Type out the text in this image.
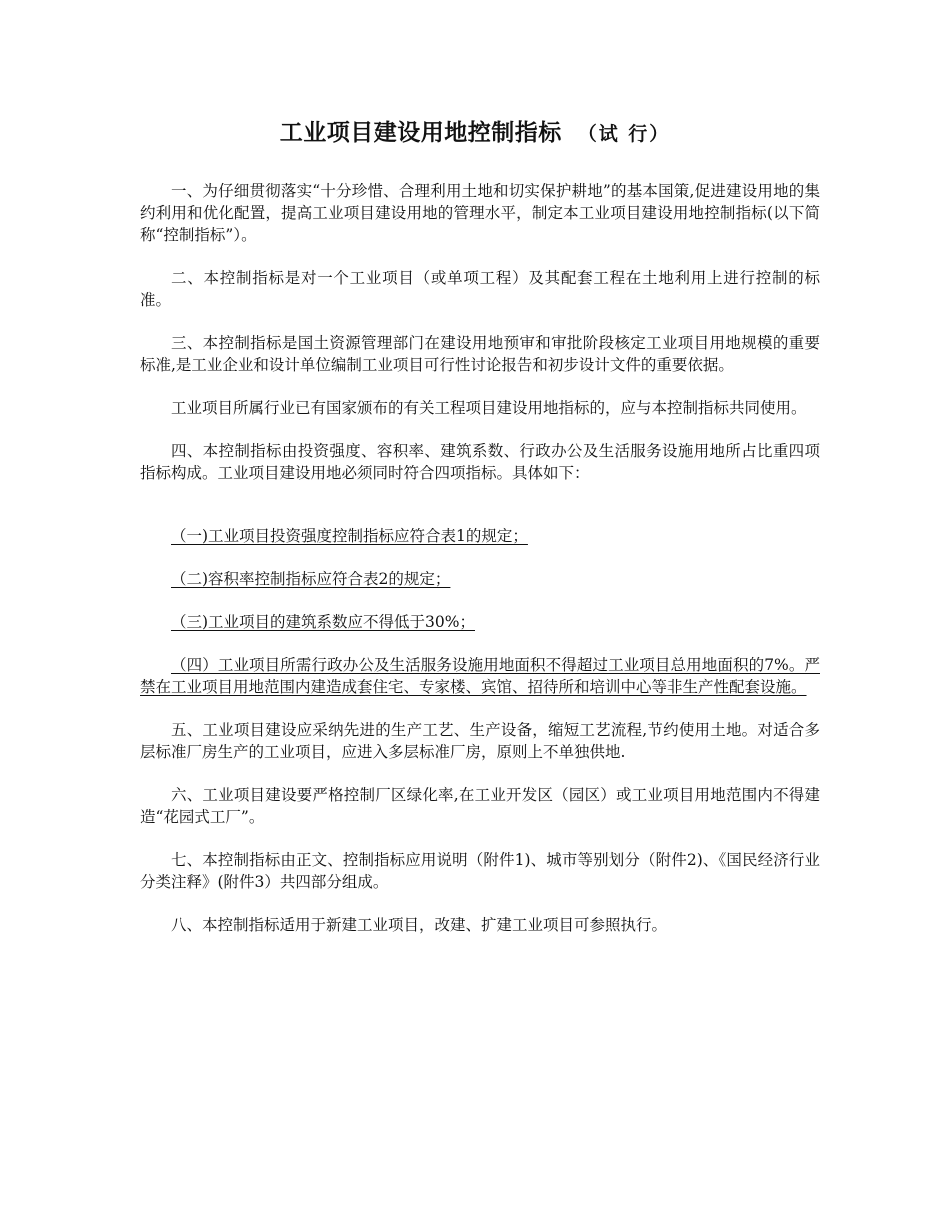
工业项目建设用地控制指标 （试 行）

一、为仔细贯彻落实“十分珍惜、合理利用土地和切实保护耕地”的基本国策,促进建设用地的集约利用和优化配置，提高工业项目建设用地的管理水平，制定本工业项目建设用地控制指标(以下简称“控制指标”）。

二、本控制指标是对一个工业项目（或单项工程）及其配套工程在土地利用上进行控制的标准。

三、本控制指标是国土资源管理部门在建设用地预审和审批阶段核定工业项目用地规模的重要标准,是工业企业和设计单位编制工业项目可行性讨论报告和初步设计文件的重要依据。

工业项目所属行业已有国家颁布的有关工程项目建设用地指标的，应与本控制指标共同使用。

四、本控制指标由投资强度、容积率、建筑系数、行政办公及生活服务设施用地所占比重四项指标构成。工业项目建设用地必须同时符合四项指标。具体如下：

（一)工业项目投资强度控制指标应符合表1的规定；

（二)容积率控制指标应符合表2的规定；

（三)工业项目的建筑系数应不得低于30%；

（四）工业项目所需行政办公及生活服务设施用地面积不得超过工业项目总用地面积的7%。严禁在工业项目用地范围内建造成套住宅、专家楼、宾馆、招待所和培训中心等非生产性配套设施。

五、工业项目建设应采纳先进的生产工艺、生产设备，缩短工艺流程,节约使用土地。对适合多层标准厂房生产的工业项目，应进入多层标准厂房，原则上不单独供地.

六、工业项目建设要严格控制厂区绿化率,在工业开发区（园区）或工业项目用地范围内不得建造“花园式工厂”。

七、本控制指标由正文、控制指标应用说明（附件1)、城市等别划分（附件2)、《国民经济行业分类注释》(附件3）共四部分组成。

八、本控制指标适用于新建工业项目，改建、扩建工业项目可参照执行。
